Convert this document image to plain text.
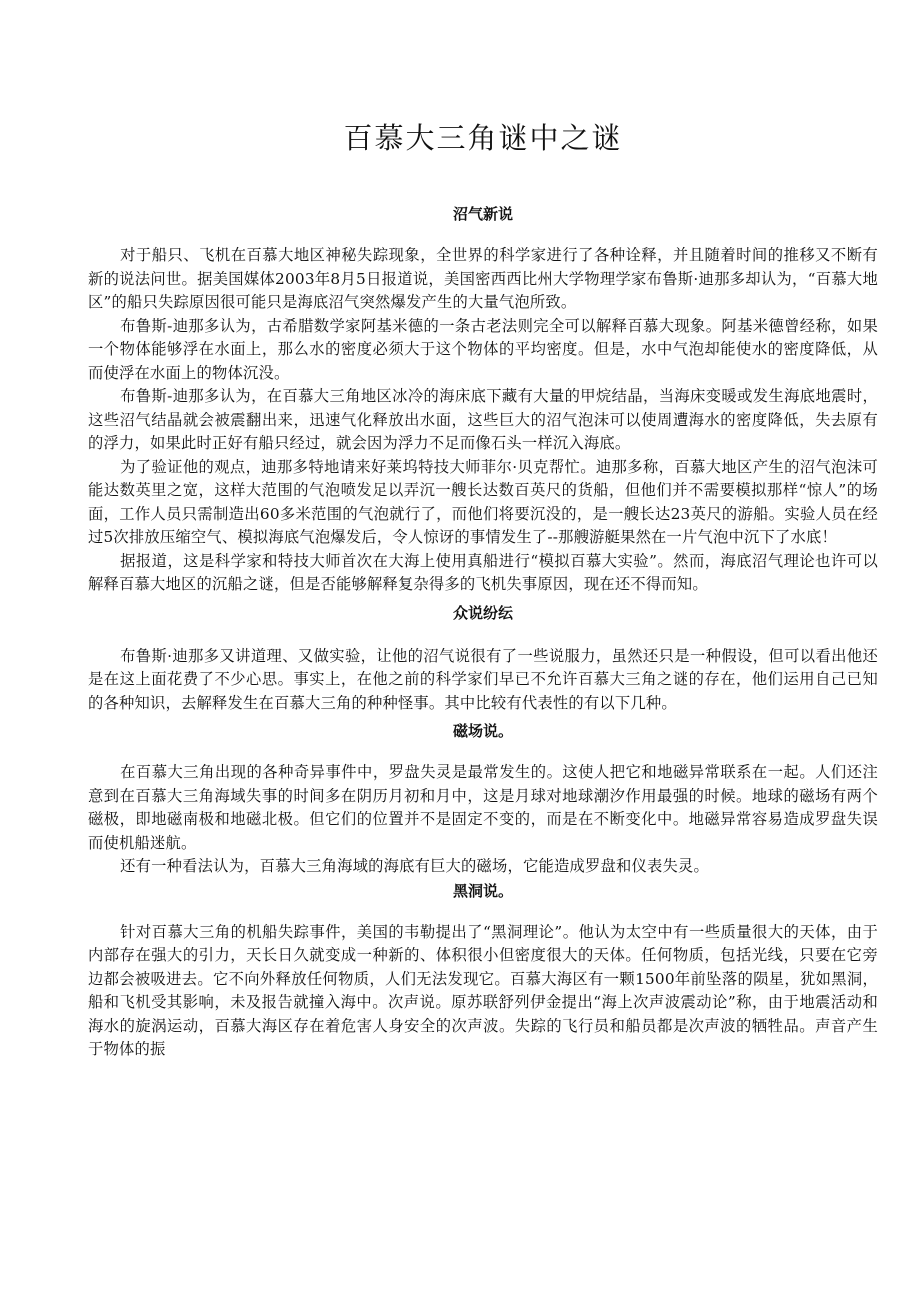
百慕大三角谜中之谜
沼气新说

对于船只、飞机在百慕大地区神秘失踪现象，全世界的科学家进行了各种诠释，并且随着时间的推移又不断有新的说法问世。据美国媒体2003年8月5日报道说，美国密西西比州大学物理学家布鲁斯·迪那多却认为，“百慕大地区”的船只失踪原因很可能只是海底沼气突然爆发产生的大量气泡所致。

布鲁斯-迪那多认为，古希腊数学家阿基米德的一条古老法则完全可以解释百慕大现象。阿基米德曾经称，如果一个物体能够浮在水面上，那么水的密度必须大于这个物体的平均密度。但是，水中气泡却能使水的密度降低，从而使浮在水面上的物体沉没。

布鲁斯-迪那多认为，在百慕大三角地区冰冷的海床底下藏有大量的甲烷结晶，当海床变暖或发生海底地震时，这些沼气结晶就会被震翻出来，迅速气化释放出水面，这些巨大的沼气泡沫可以使周遭海水的密度降低，失去原有的浮力，如果此时正好有船只经过，就会因为浮力不足而像石头一样沉入海底。

为了验证他的观点，迪那多特地请来好莱坞特技大师菲尔·贝克帮忙。迪那多称，百慕大地区产生的沼气泡沫可能达数英里之宽，这样大范围的气泡喷发足以弄沉一艘长达数百英尺的货船，但他们并不需要模拟那样“惊人”的场面，工作人员只需制造出60多米范围的气泡就行了，而他们将要沉没的，是一艘长达23英尺的游船。实验人员在经过5次排放压缩空气、模拟海底气泡爆发后，令人惊讶的事情发生了--那艘游艇果然在一片气泡中沉下了水底！

据报道，这是科学家和特技大师首次在大海上使用真船进行“模拟百慕大实验”。然而，海底沼气理论也许可以解释百慕大地区的沉船之谜，但是否能够解释复杂得多的飞机失事原因，现在还不得而知。

众说纷纭

布鲁斯·迪那多又讲道理、又做实验，让他的沼气说很有了一些说服力，虽然还只是一种假设，但可以看出他还是在这上面花费了不少心思。事实上，在他之前的科学家们早已不允许百慕大三角之谜的存在，他们运用自己已知的各种知识，去解释发生在百慕大三角的种种怪事。其中比较有代表性的有以下几种。

磁场说。

在百慕大三角出现的各种奇异事件中，罗盘失灵是最常发生的。这使人把它和地磁异常联系在一起。人们还注意到在百慕大三角海域失事的时间多在阴历月初和月中，这是月球对地球潮汐作用最强的时候。地球的磁场有两个磁极，即地磁南极和地磁北极。但它们的位置并不是固定不变的，而是在不断变化中。地磁异常容易造成罗盘失误而使机船迷航。

还有一种看法认为，百慕大三角海域的海底有巨大的磁场，它能造成罗盘和仪表失灵。

黑洞说。

针对百慕大三角的机船失踪事件，美国的韦勒提出了“黑洞理论”。他认为太空中有一些质量很大的天体，由于内部存在强大的引力，天长日久就变成一种新的、体积很小但密度很大的天体。任何物质，包括光线，只要在它旁边都会被吸进去。它不向外释放任何物质，人们无法发现它。百慕大海区有一颗1500年前坠落的陨星，犹如黑洞，船和飞机受其影响，未及报告就撞入海中。次声说。原苏联舒列伊金提出“海上次声波震动论”称，由于地震活动和海水的旋涡运动，百慕大海区存在着危害人身安全的次声波。失踪的飞行员和船员都是次声波的牺牲品。声音产生于物体的振
